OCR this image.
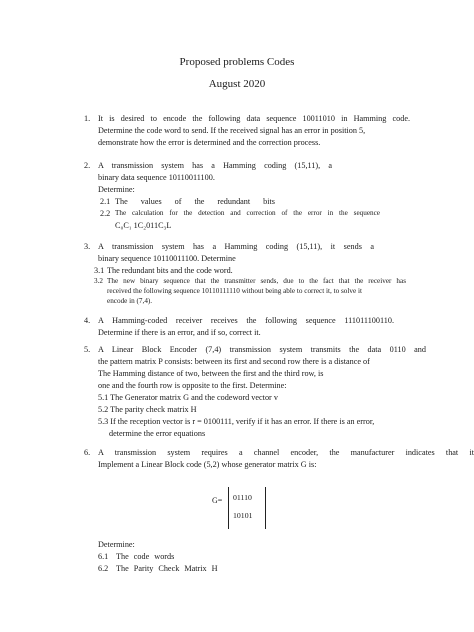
Proposed problems Codes
August 2020
1. It is desired to encode the following data sequence 10011010 in Hamming code.
Determine the code word to send. If the received signal has an error in position 5,
demonstrate how the error is determined and the correction process.
2. A transmission system has a Hamming coding (15,11), a
binary data sequence 10110011100.
Determine:
2.1 The values of the redundant bits
2.2 The calculation for the detection and correction of the error in the sequence
C₀C₁ 1C₂011C₃L
3. A transmission system has a Hamming coding (15,11), it sends a
binary sequence 10110011100. Determine
3.1 The redundant bits and the code word.
3.2 The new binary sequence that the transmitter sends, due to the fact that the receiver has
received the following sequence 10110111110 without being able to correct it, to solve it
encode in (7,4).
4. A Hamming-coded receiver receives the following sequence 111011100110.
Determine if there is an error, and if so, correct it.
5. A Linear Block Encoder (7,4) transmission system transmits the data 0110 and
the pattern matrix P consists: between its first and second row there is a distance of
The Hamming distance of two, between the first and the third row, is
one and the fourth row is opposite to the first. Determine:
5.1 The Generator matrix G and the codeword vector v
5.2 The parity check matrix H
5.3 If the reception vector is r = 0100111, verify if it has an error. If there is an error,
determine the error equations
6. A transmission system requires a channel encoder, the manufacturer indicates that it
Implement a Linear Block code (5,2) whose generator matrix G is:
G= 01110
10101
Determine:
6.1 The code words
6.2 The Parity Check Matrix H
